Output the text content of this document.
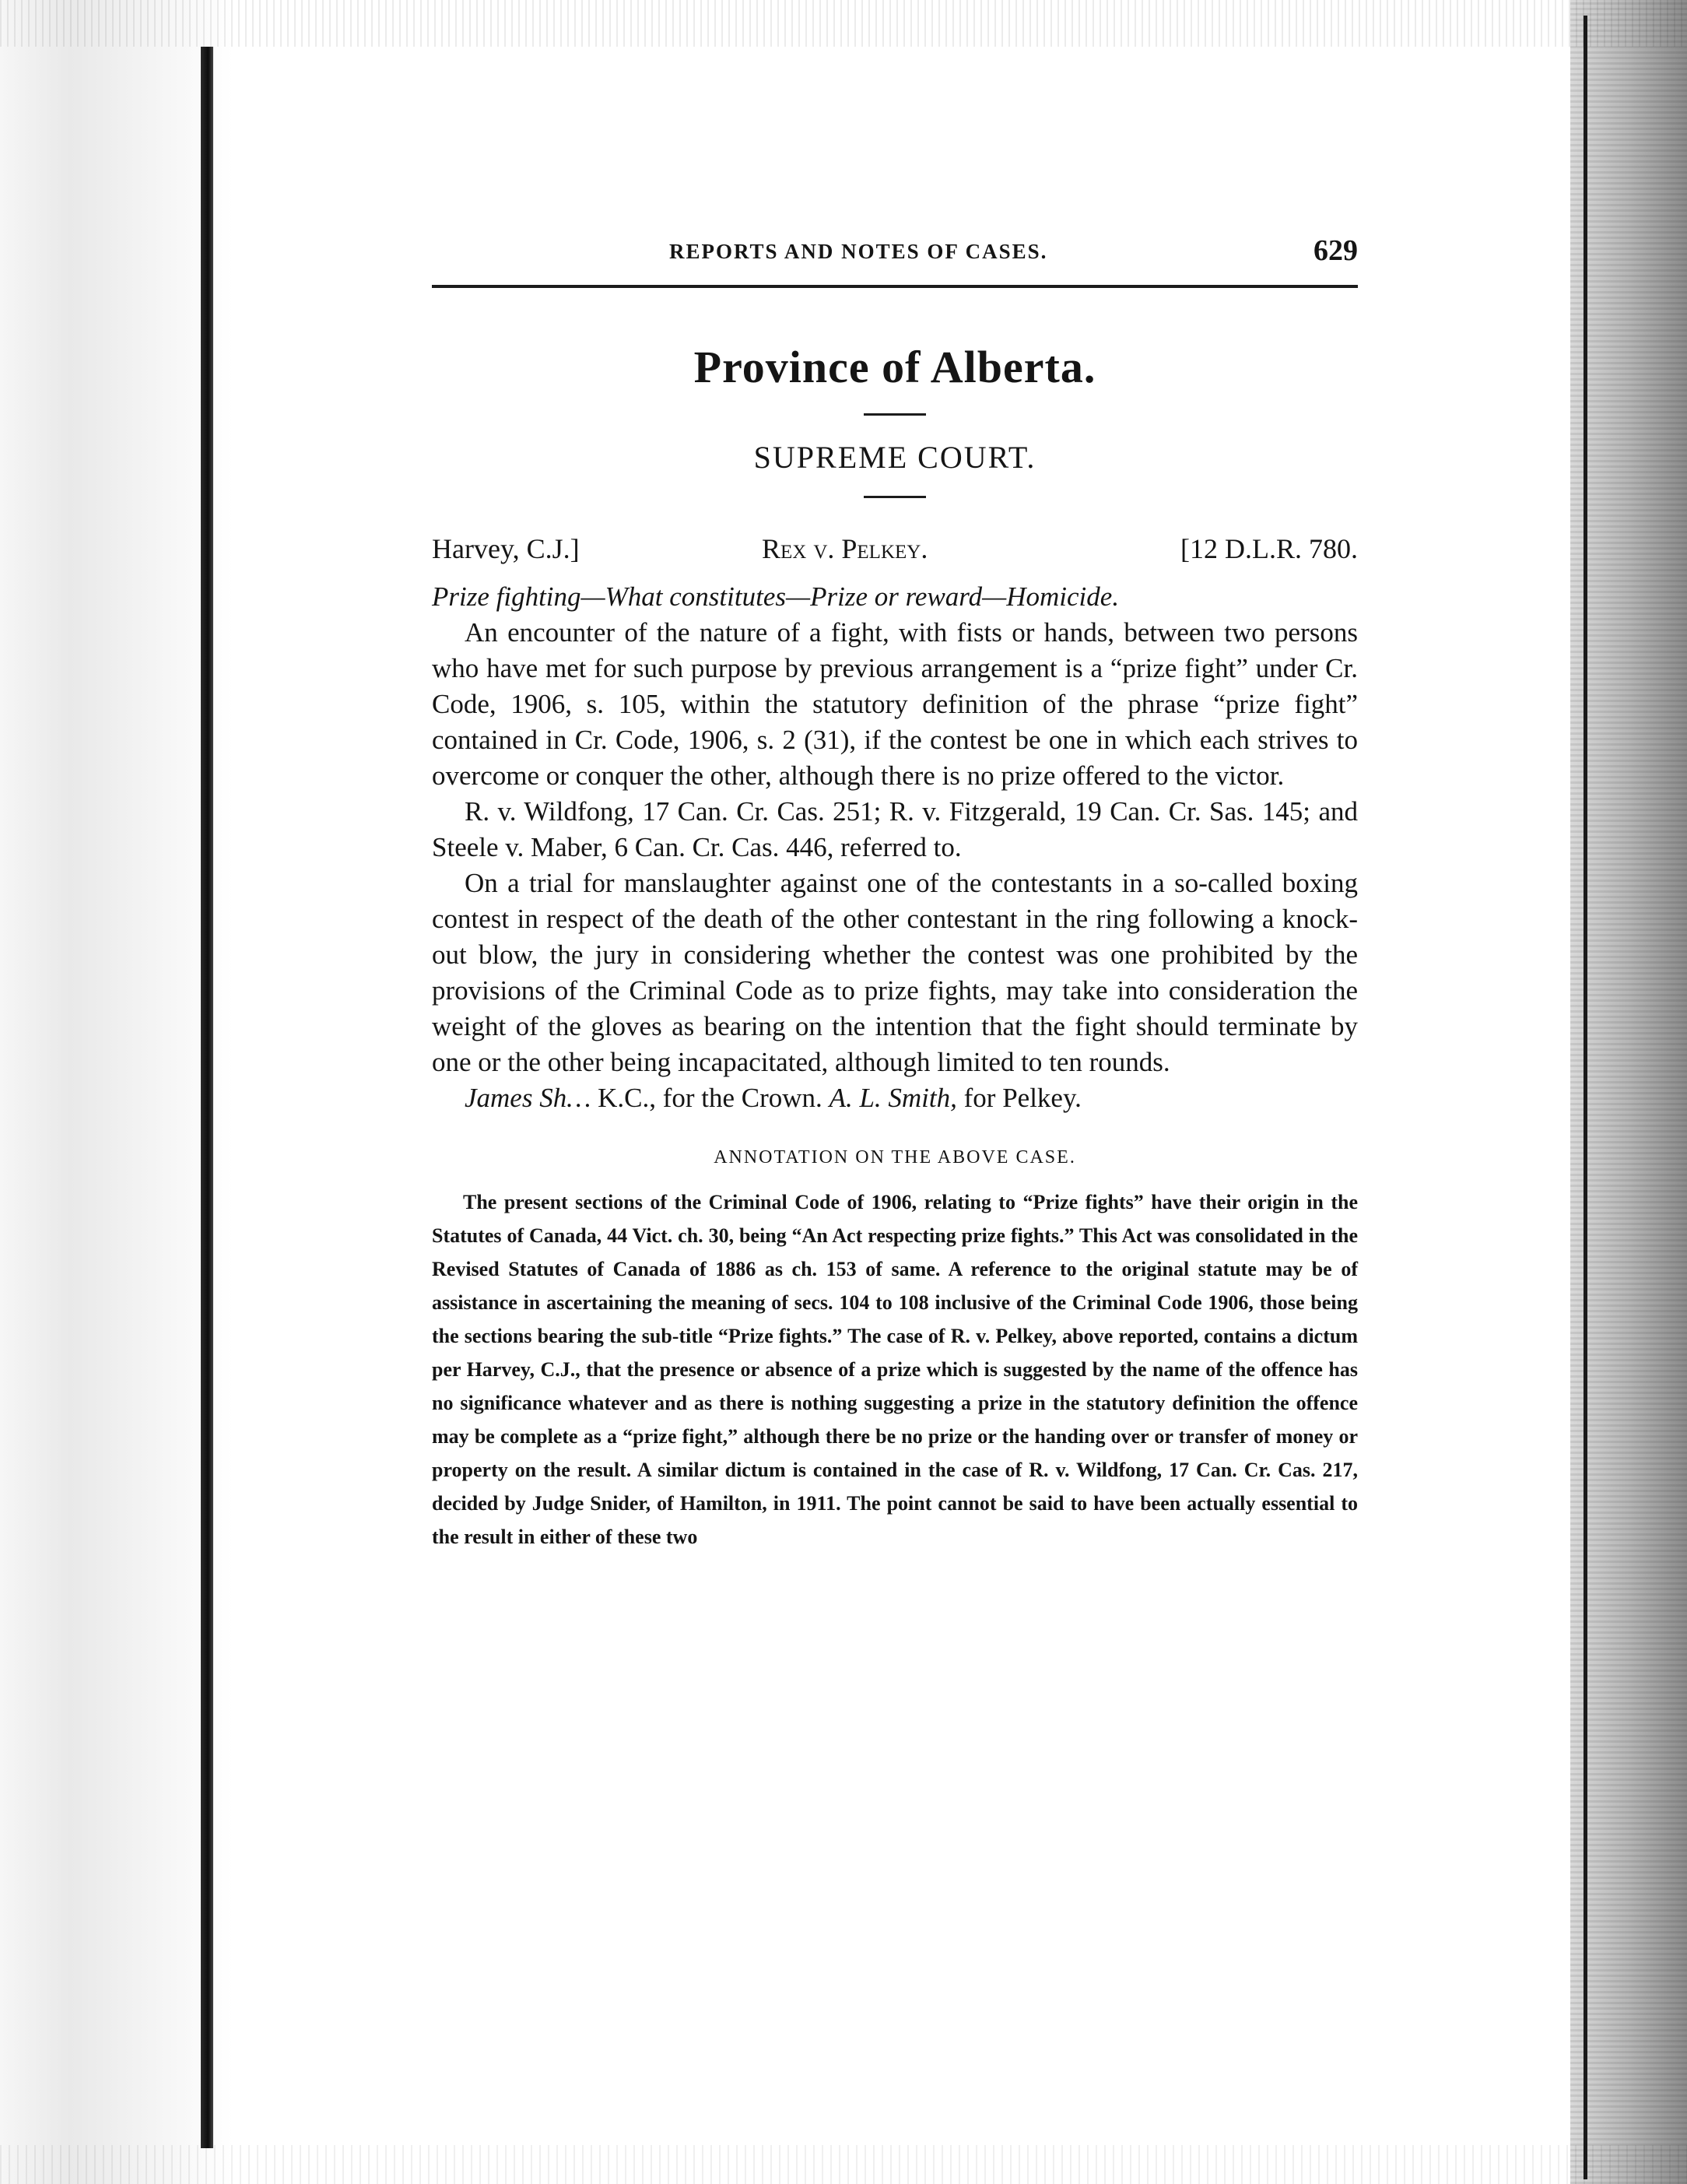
REPORTS AND NOTES OF CASES.	629
Province of Alberta.
SUPREME COURT.
Harvey, C.J.]	Rex v. Pelkey.	[12 D.L.R. 780.
Prize fighting—What constitutes—Prize or reward—Homicide.

An encounter of the nature of a fight, with fists or hands, between two persons who have met for such purpose by previous arrangement is a “prize fight” under Cr. Code, 1906, s. 105, within the statutory definition of the phrase “prize fight” contained in Cr. Code, 1906, s. 2 (31), if the contest be one in which each strives to overcome or conquer the other, although there is no prize offered to the victor.

R. v. Wildfong, 17 Can. Cr. Cas. 251; R. v. Fitzgerald, 19 Can. Cr. Sas. 145; and Steele v. Maber, 6 Can. Cr. Cas. 446, referred to.

On a trial for manslaughter against one of the contestants in a so-called boxing contest in respect of the death of the other contestant in the ring following a knock-out blow, the jury in considering whether the contest was one prohibited by the provisions of the Criminal Code as to prize fights, may take into consideration the weight of the gloves as bearing on the intention that the fight should terminate by one or the other being incapacitated, although limited to ten rounds.

James Sh… K.C., for the Crown. A. L. Smith, for Pelkey.
ANNOTATION ON THE ABOVE CASE.
The present sections of the Criminal Code of 1906, relating to “Prize fights” have their origin in the Statutes of Canada, 44 Vict. ch. 30, being “An Act respecting prize fights.” This Act was consolidated in the Revised Statutes of Canada of 1886 as ch. 153 of same. A reference to the original statute may be of assistance in ascertaining the meaning of secs. 104 to 108 inclusive of the Criminal Code 1906, those being the sections bearing the sub-title “Prize fights.” The case of R. v. Pelkey, above reported, contains a dictum per Harvey, C.J., that the presence or absence of a prize which is suggested by the name of the offence has no significance whatever and as there is nothing suggesting a prize in the statutory definition the offence may be complete as a “prize fight,” although there be no prize or the handing over or transfer of money or property on the result. A similar dictum is contained in the case of R. v. Wildfong, 17 Can. Cr. Cas. 217, decided by Judge Snider, of Hamilton, in 1911. The point cannot be said to have been actually essential to the result in either of these two
